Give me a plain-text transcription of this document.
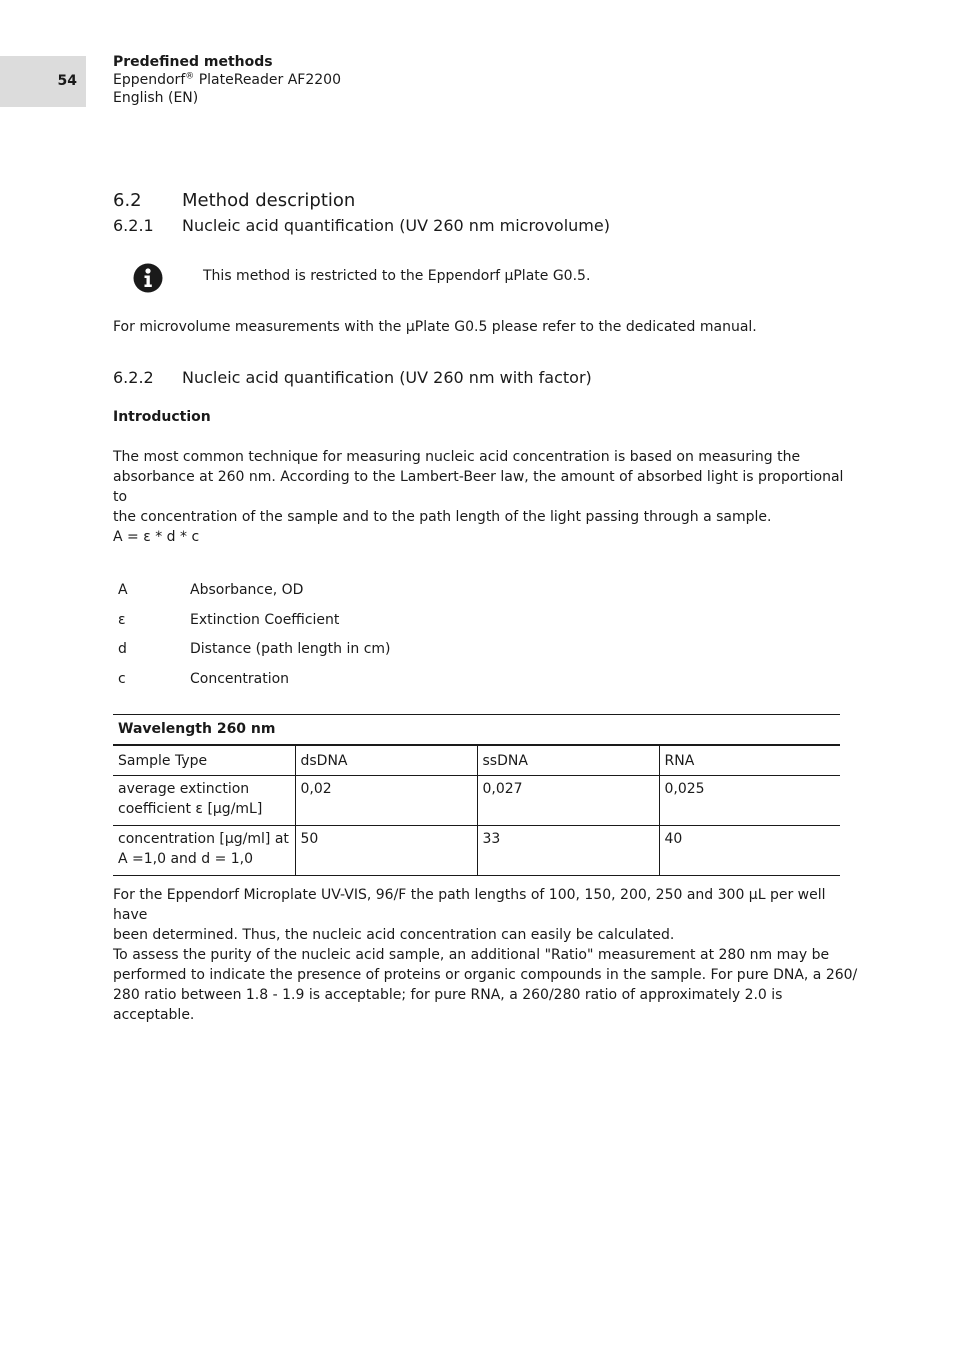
54
Predefined methods
Eppendorf® PlateReader AF2200
English (EN)
6.2 Method description
6.2.1 Nucleic acid quantification (UV 260 nm microvolume)
This method is restricted to the Eppendorf µPlate G0.5.
For microvolume measurements with the µPlate G0.5 please refer to the dedicated manual.
6.2.2 Nucleic acid quantification (UV 260 nm with factor)
Introduction
The most common technique for measuring nucleic acid concentration is based on measuring the
absorbance at 260 nm. According to the Lambert-Beer law, the amount of absorbed light is proportional to
the concentration of the sample and to the path length of the light passing through a sample.
A = ε * d * c
A	Absorbance, OD
ε	Extinction Coefficient
d	Distance (path length in cm)
c	Concentration
Wavelength 260 nm			
Sample Type	dsDNA	ssDNA	RNA

average extinction
coefficient ε [µg/mL]	0,02	0,027	0,025

concentration [µg/ml] at
A =1,0 and d = 1,0	50	33	40
For the Eppendorf Microplate UV-VIS, 96/F the path lengths of 100, 150, 200, 250 and 300 µL per well have
been determined. Thus, the nucleic acid concentration can easily be calculated.
To assess the purity of the nucleic acid sample, an additional "Ratio" measurement at 280 nm may be
performed to indicate the presence of proteins or organic compounds in the sample. For pure DNA, a 260/
280 ratio between 1.8 - 1.9 is acceptable; for pure RNA, a 260/280 ratio of approximately 2.0 is acceptable.
